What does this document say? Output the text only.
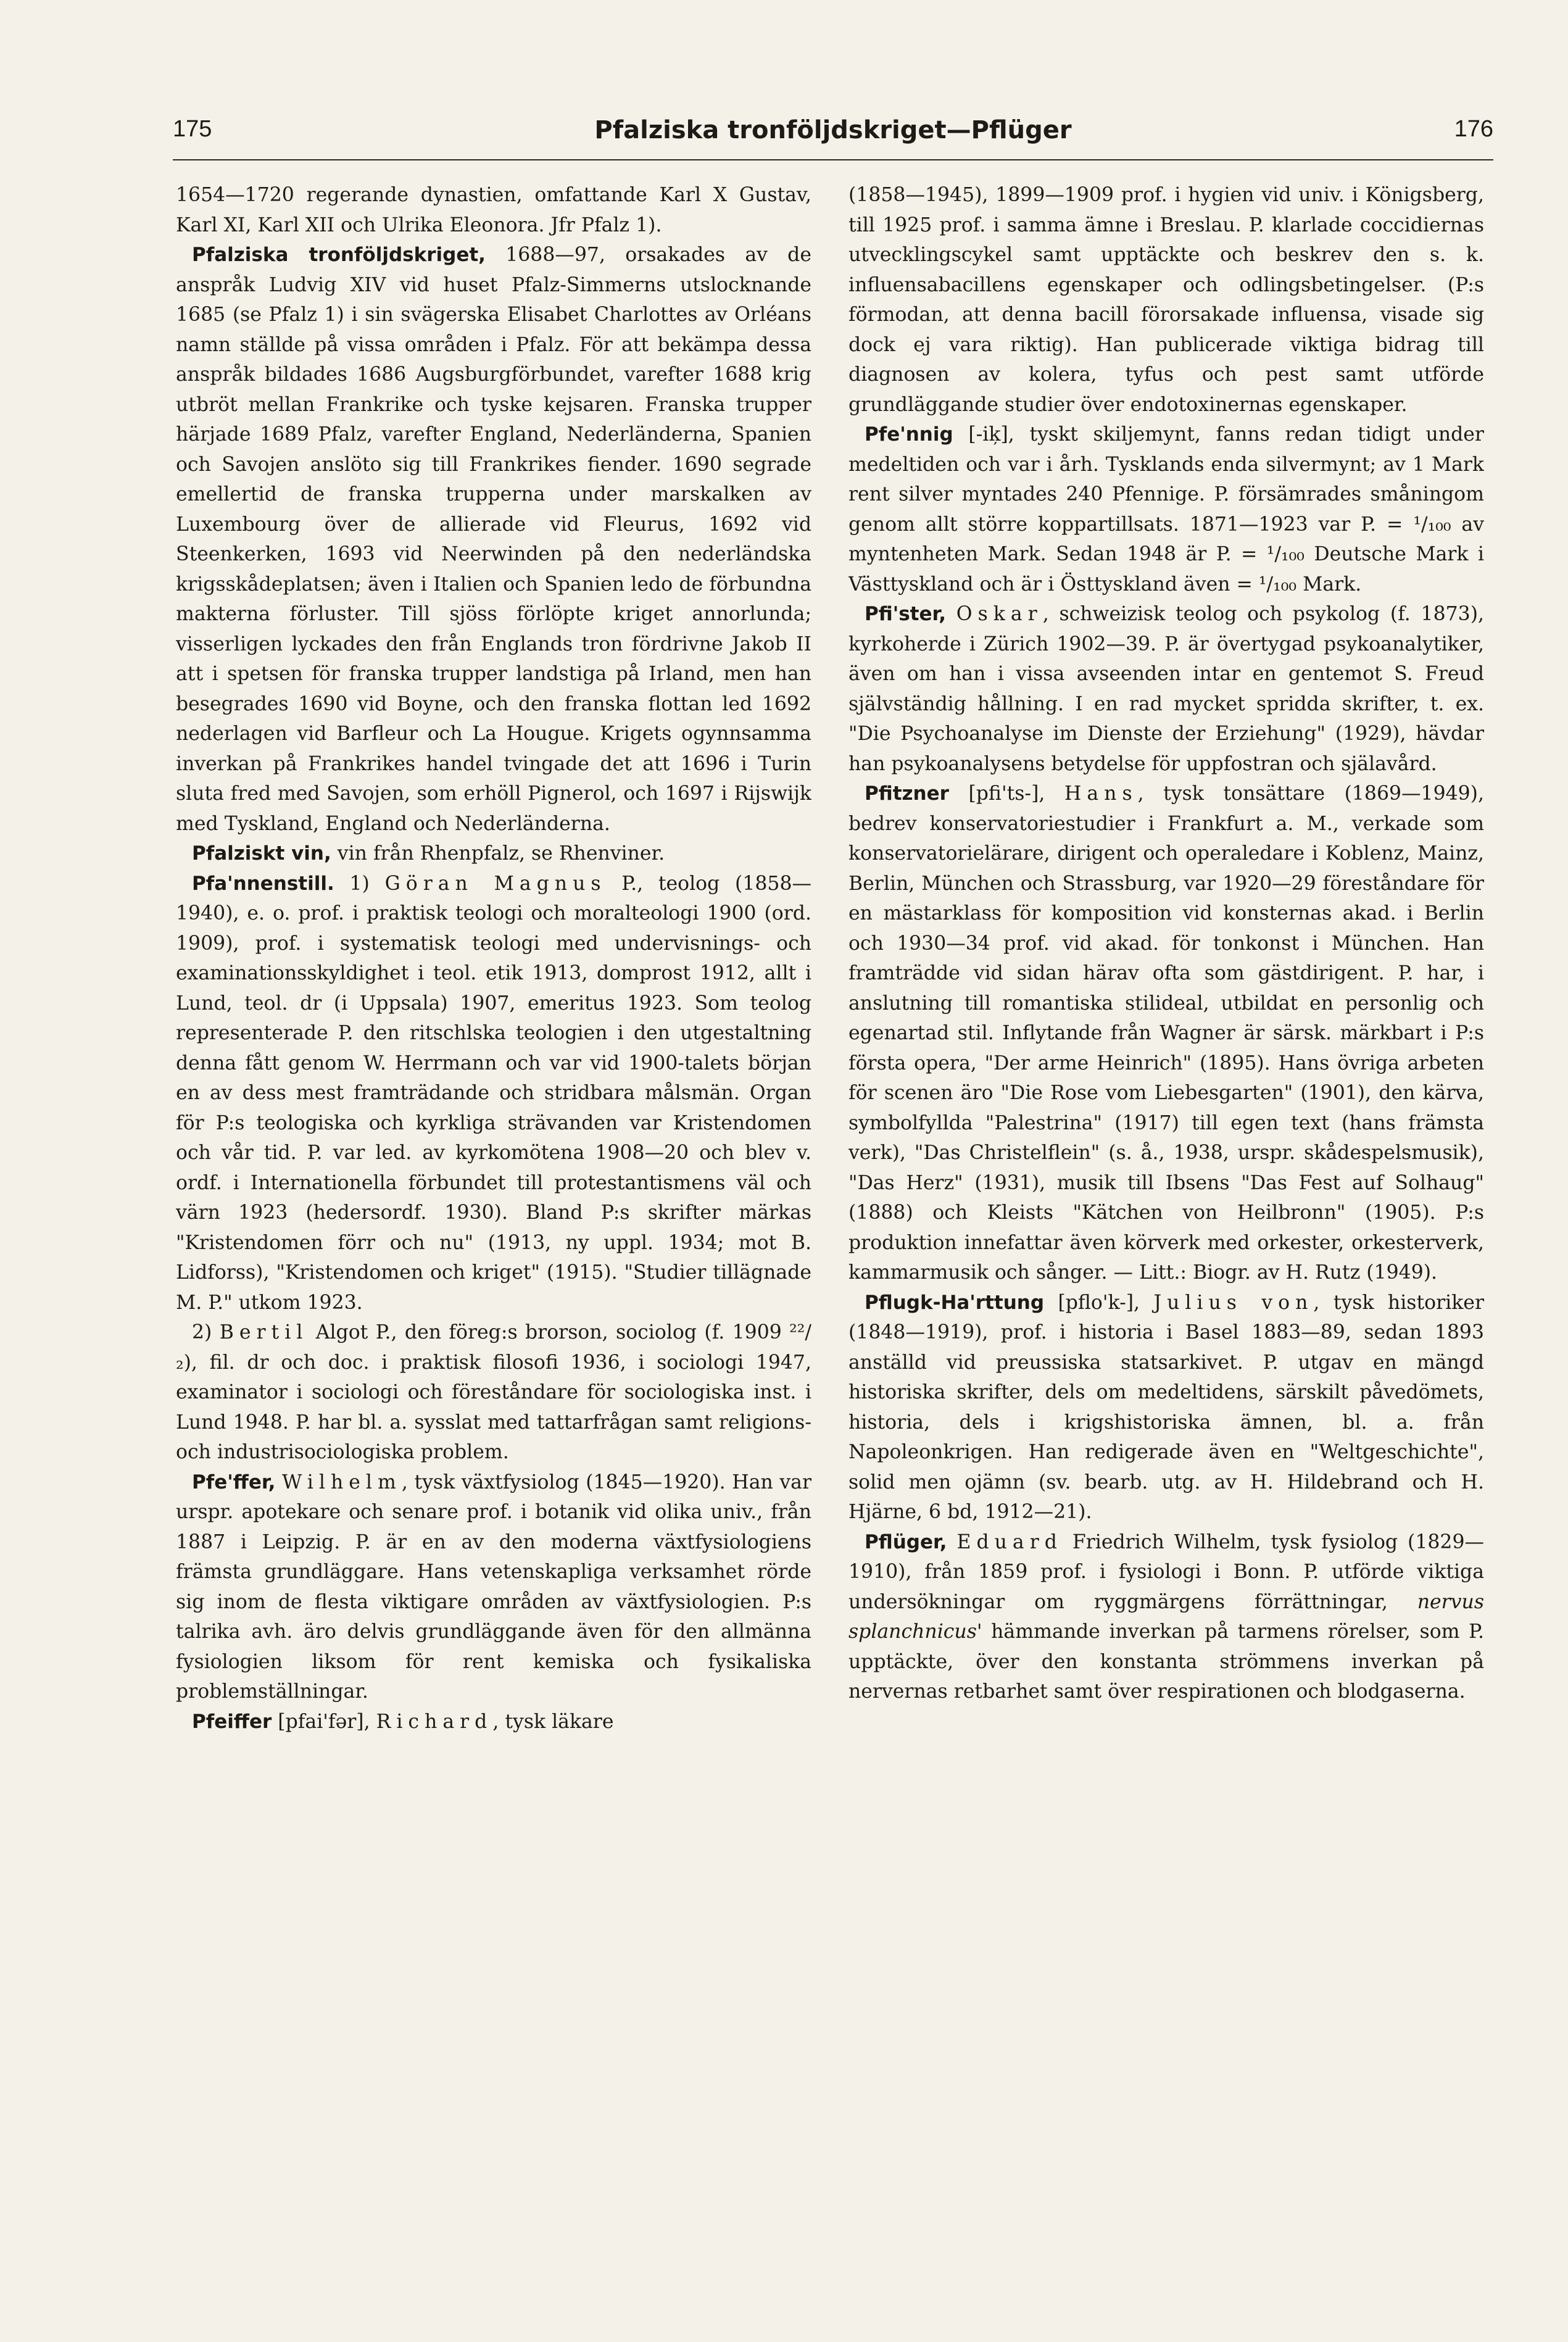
175	Pfalziska tronföljdskriget—Pflüger	176

1654—1720 regerande dynastien, omfattande Karl X Gustav, Karl XI, Karl XII och Ulrika Eleonora. Jfr Pfalz 1).

Pfalziska tronföljdskriget, 1688—97, orsakades av de anspråk Ludvig XIV vid huset Pfalz-Simmerns utslocknande 1685 (se Pfalz 1) i sin svägerska Elisabet Charlottes av Orléans namn ställde på vissa områden i Pfalz. För att bekämpa dessa anspråk bildades 1686 Augsburgförbundet, varefter 1688 krig utbröt mellan Frankrike och tyske kejsaren. Franska trupper härjade 1689 Pfalz, varefter England, Nederländerna, Spanien och Savojen anslöto sig till Frankrikes fiender. 1690 segrade emellertid de franska trupperna under marskalken av Luxembourg över de allierade vid Fleurus, 1692 vid Steenkerken, 1693 vid Neerwinden på den nederländska krigsskådeplatsen; även i Italien och Spanien ledo de förbundna makterna förluster. Till sjöss förlöpte kriget annorlunda; visserligen lyckades den från Englands tron fördrivne Jakob II att i spetsen för franska trupper landstiga på Irland, men han besegrades 1690 vid Boyne, och den franska flottan led 1692 nederlagen vid Barfleur och La Hougue. Krigets ogynnsamma inverkan på Frankrikes handel tvingade det att 1696 i Turin sluta fred med Savojen, som erhöll Pignerol, och 1697 i Rijswijk med Tyskland, England och Nederländerna.

Pfalziskt vin, vin från Rhenpfalz, se Rhenviner.

Pfa'nnenstill. 1) Göran Magnus P., teolog (1858—1940), e. o. prof. i praktisk teologi och moralteologi 1900 (ord. 1909), prof. i systematisk teologi med undervisnings- och examinationsskyldighet i teol. etik 1913, domprost 1912, allt i Lund, teol. dr (i Uppsala) 1907, emeritus 1923. Som teolog representerade P. den ritschlska teologien i den utgestaltning denna fått genom W. Herrmann och var vid 1900-talets början en av dess mest framträdande och stridbara målsmän. Organ för P:s teologiska och kyrkliga strävanden var Kristendomen och vår tid. P. var led. av kyrkomötena 1908—20 och blev v. ordf. i Internationella förbundet till protestantismens väl och värn 1923 (hedersordf. 1930). Bland P:s skrifter märkas "Kristendomen förr och nu" (1913, ny uppl. 1934; mot B. Lidforss), "Kristendomen och kriget" (1915). "Studier tillägnade M. P." utkom 1923.

2) Bertil Algot P., den föreg:s brorson, sociolog (f. 1909 ²²/₂), fil. dr och doc. i praktisk filosofi 1936, i sociologi 1947, examinator i sociologi och föreståndare för sociologiska inst. i Lund 1948. P. har bl. a. sysslat med tattarfrågan samt religions- och industrisociologiska problem.

Pfe'ffer, Wilhelm, tysk växtfysiolog (1845—1920). Han var urspr. apotekare och senare prof. i botanik vid olika univ., från 1887 i Leipzig. P. är en av den moderna växtfysiologiens främsta grundläggare. Hans vetenskapliga verksamhet rörde sig inom de flesta viktigare områden av växtfysiologien. P:s talrika avh. äro delvis grundläggande även för den allmänna fysiologien liksom för rent kemiska och fysikaliska problemställningar.

Pfeiffer [pfai'fər], Richard, tysk läkare

(1858—1945), 1899—1909 prof. i hygien vid univ. i Königsberg, till 1925 prof. i samma ämne i Breslau. P. klarlade coccidiernas utvecklingscykel samt upptäckte och beskrev den s. k. influensabacillens egenskaper och odlingsbetingelser. (P:s förmodan, att denna bacill förorsakade influensa, visade sig dock ej vara riktig). Han publicerade viktiga bidrag till diagnosen av kolera, tyfus och pest samt utförde grundläggande studier över endotoxinernas egenskaper.

Pfe'nnig [-iķ], tyskt skiljemynt, fanns redan tidigt under medeltiden och var i årh. Tysklands enda silvermynt; av 1 Mark rent silver myntades 240 Pfennige. P. försämrades småningom genom allt större koppartillsats. 1871—1923 var P. = ¹/₁₀₀ av myntenheten Mark. Sedan 1948 är P. = ¹/₁₀₀ Deutsche Mark i Västtyskland och är i Östtyskland även = ¹/₁₀₀ Mark.

Pfi'ster, Oskar, schweizisk teolog och psykolog (f. 1873), kyrkoherde i Zürich 1902—39. P. är övertygad psykoanalytiker, även om han i vissa avseenden intar en gentemot S. Freud självständig hållning. I en rad mycket spridda skrifter, t. ex. "Die Psychoanalyse im Dienste der Erziehung" (1929), hävdar han psykoanalysens betydelse för uppfostran och själavård.

Pfitzner [pfi'ts-], Hans, tysk tonsättare (1869—1949), bedrev konservatoriestudier i Frankfurt a. M., verkade som konservatorielärare, dirigent och operaledare i Koblenz, Mainz, Berlin, München och Strassburg, var 1920—29 föreståndare för en mästarklass för komposition vid konsternas akad. i Berlin och 1930—34 prof. vid akad. för tonkonst i München. Han framträdde vid sidan härav ofta som gästdirigent. P. har, i anslutning till romantiska stilideal, utbildat en personlig och egenartad stil. Inflytande från Wagner är särsk. märkbart i P:s första opera, "Der arme Heinrich" (1895). Hans övriga arbeten för scenen äro "Die Rose vom Liebesgarten" (1901), den kärva, symbolfyllda "Palestrina" (1917) till egen text (hans främsta verk), "Das Christelflein" (s. å., 1938, urspr. skådespelsmusik), "Das Herz" (1931), musik till Ibsens "Das Fest auf Solhaug" (1888) och Kleists "Kätchen von Heilbronn" (1905). P:s produktion innefattar även körverk med orkester, orkesterverk, kammarmusik och sånger. — Litt.: Biogr. av H. Rutz (1949).

Pflugk-Ha'rttung [pflo'k-], Julius von, tysk historiker (1848—1919), prof. i historia i Basel 1883—89, sedan 1893 anställd vid preussiska statsarkivet. P. utgav en mängd historiska skrifter, dels om medeltidens, särskilt påvedömets, historia, dels i krigshistoriska ämnen, bl. a. från Napoleonkrigen. Han redigerade även en "Weltgeschichte", solid men ojämn (sv. bearb. utg. av H. Hildebrand och H. Hjärne, 6 bd, 1912—21).

Pflüger, Eduard Friedrich Wilhelm, tysk fysiolog (1829—1910), från 1859 prof. i fysiologi i Bonn. P. utförde viktiga undersökningar om ryggmärgens förrättningar, nervus splanchnicus' hämmande inverkan på tarmens rörelser, som P. upptäckte, över den konstanta strömmens inverkan på nervernas retbarhet samt över respirationen och blodgaserna.
